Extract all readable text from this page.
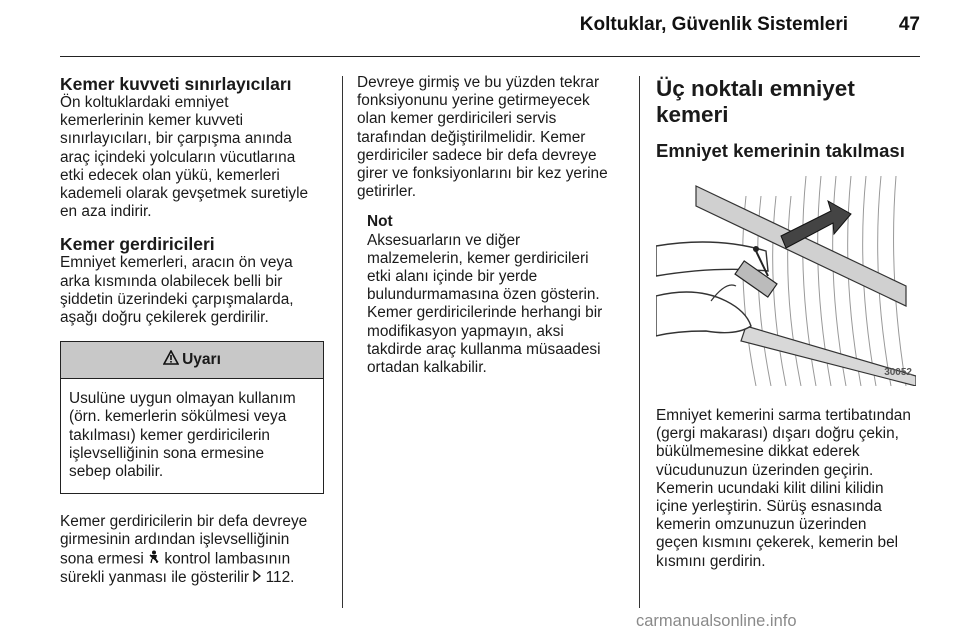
Koltuklar, Güvenlik Sistemleri	47
Kemer kuvveti sınırlayıcıları

Ön koltuklardaki emniyet
kemerlerinin kemer kuvveti
sınırlayıcıları, bir çarpışma anında
araç içindeki yolcuların vücutlarına
etki edecek olan yükü, kemerleri
kademeli olarak gevşetmek suretiyle
en aza indirir.

Kemer gerdiricileri

Emniyet kemerleri, aracın ön veya
arka kısmında olabilecek belli bir
şiddetin üzerindeki çarpışmalarda,
aşağı doğru çekilerek gerdirilir.

Uyarı
Usulüne uygun olmayan kullanım
(örn. kemerlerin sökülmesi veya
takılması) kemer gerdiricilerin
işlevselliğinin sona ermesine
sebep olabilir.

Kemer gerdiricilerin bir defa devreye
girmesinin ardından işlevselliğinin
sona ermesi kontrol lambasının
sürekli yanması ile gösterilir 112.

Devreye girmiş ve bu yüzden tekrar
fonksiyonunu yerine getirmeyecek
olan kemer gerdiricileri servis
tarafından değiştirilmelidir. Kemer
gerdiriciler sadece bir defa devreye
girer ve fonksiyonlarını bir kez yerine
getirirler.

Not
Aksesuarların ve diğer
malzemelerin, kemer gerdiricileri
etki alanı içinde bir yerde
bulundurmamasına özen gösterin.
Kemer gerdiricilerinde herhangi bir
modifikasyon yapmayın, aksi
takdirde araç kullanma müsaadesi
ortadan kalkabilir.
Üç noktalı emniyet kemeri
Emniyet kemerinin takılması
30052

Emniyet kemerini sarma tertibatından
(gergi makarası) dışarı doğru çekin,
bükülmemesine dikkat ederek
vücudunuzun üzerinden geçirin.
Kemerin ucundaki kilit dilini kilidin
içine yerleştirin. Sürüş esnasında
kemerin omzunuzun üzerinden
geçen kısmını çekerek, kemerin bel
kısmını gerdirin.

carmanualsonline.info
